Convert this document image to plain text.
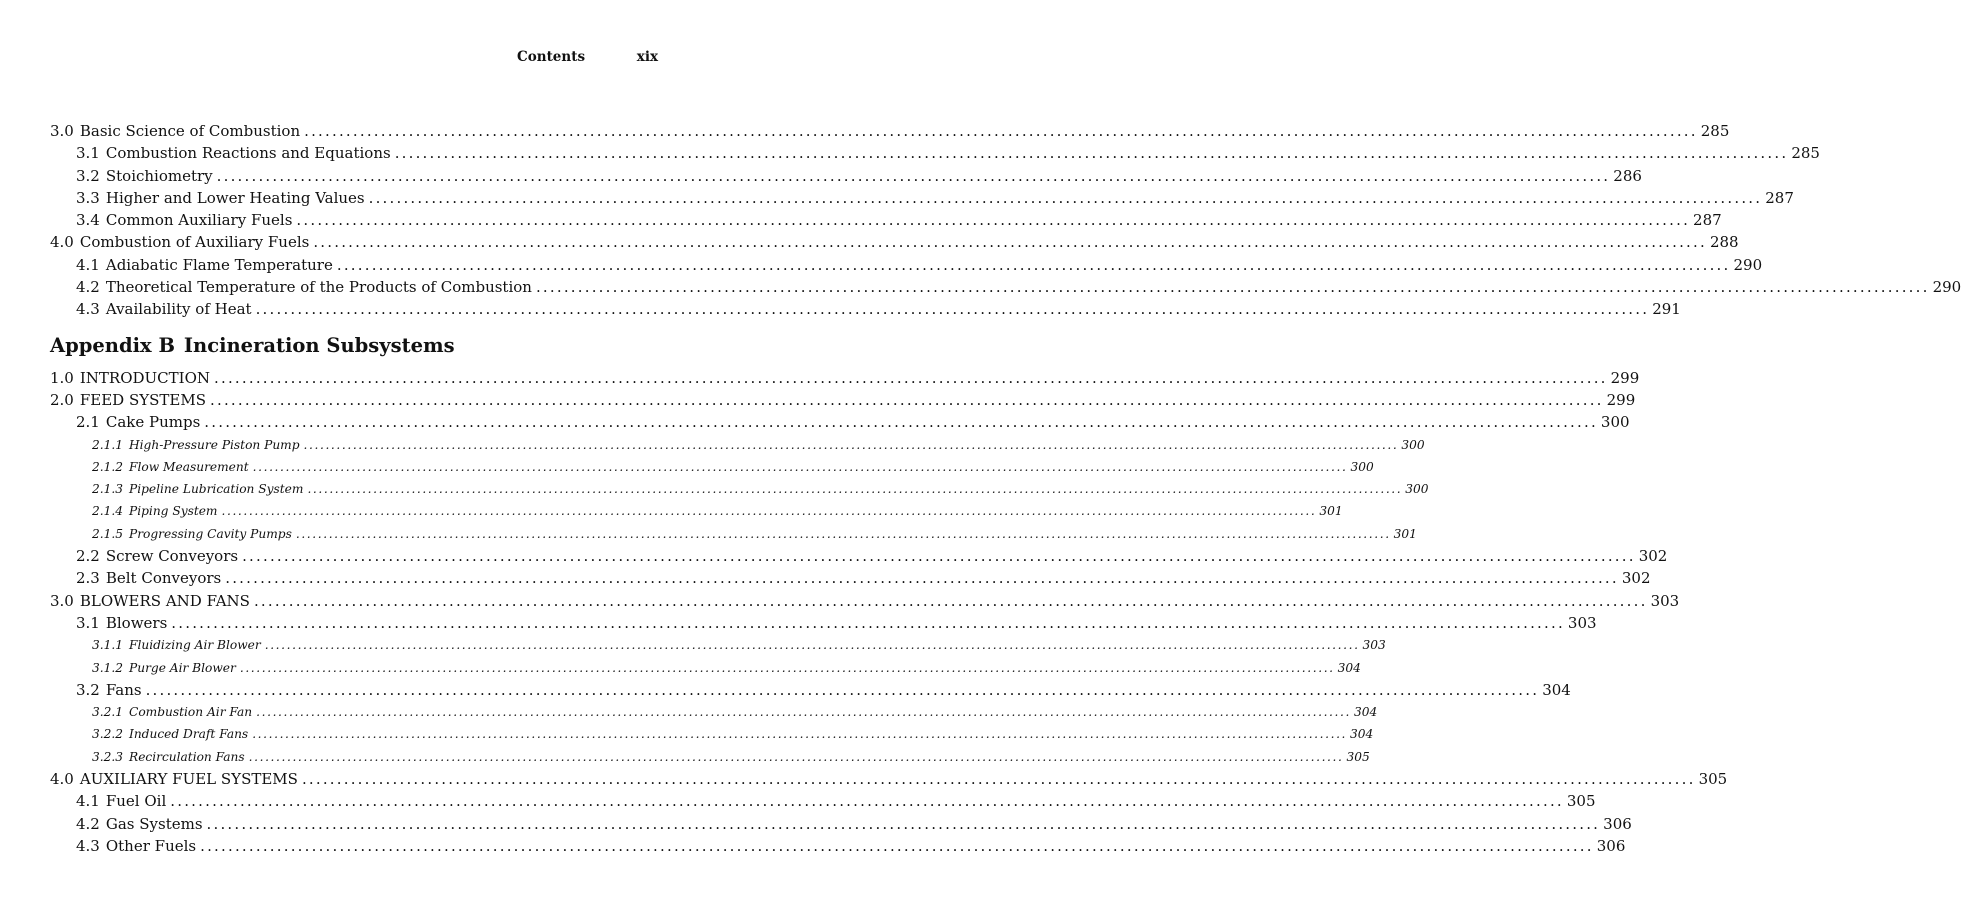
Contents	xix
3.0 Basic Science of Combustion ........................................................................................................................................................................................................ 285
3.1 Combustion Reactions and Equations ........................................................................................................................................................................................................ 285
3.2 Stoichiometry ........................................................................................................................................................................................................ 286
3.3 Higher and Lower Heating Values ........................................................................................................................................................................................................ 287
3.4 Common Auxiliary Fuels ........................................................................................................................................................................................................ 287
4.0 Combustion of Auxiliary Fuels ........................................................................................................................................................................................................ 288
4.1 Adiabatic Flame Temperature ........................................................................................................................................................................................................ 290
4.2 Theoretical Temperature of the Products of Combustion ........................................................................................................................................................................................................ 290
4.3 Availability of Heat ........................................................................................................................................................................................................ 291
Appendix B Incineration Subsystems
1.0 INTRODUCTION ........................................................................................................................................................................................................ 299
2.0 FEED SYSTEMS ........................................................................................................................................................................................................ 299
2.1 Cake Pumps ........................................................................................................................................................................................................ 300
2.1.1 High-Pressure Piston Pump ........................................................................................................................................................................................................ 300
2.1.2 Flow Measurement ........................................................................................................................................................................................................ 300
2.1.3 Pipeline Lubrication System ........................................................................................................................................................................................................ 300
2.1.4 Piping System ........................................................................................................................................................................................................ 301
2.1.5 Progressing Cavity Pumps ........................................................................................................................................................................................................ 301
2.2 Screw Conveyors ........................................................................................................................................................................................................ 302
2.3 Belt Conveyors ........................................................................................................................................................................................................ 302
3.0 BLOWERS AND FANS ........................................................................................................................................................................................................ 303
3.1 Blowers ........................................................................................................................................................................................................ 303
3.1.1 Fluidizing Air Blower ........................................................................................................................................................................................................ 303
3.1.2 Purge Air Blower ........................................................................................................................................................................................................ 304
3.2 Fans ........................................................................................................................................................................................................ 304
3.2.1 Combustion Air Fan ........................................................................................................................................................................................................ 304
3.2.2 Induced Draft Fans ........................................................................................................................................................................................................ 304
3.2.3 Recirculation Fans ........................................................................................................................................................................................................ 305
4.0 AUXILIARY FUEL SYSTEMS ........................................................................................................................................................................................................ 305
4.1 Fuel Oil ........................................................................................................................................................................................................ 305
4.2 Gas Systems ........................................................................................................................................................................................................ 306
4.3 Other Fuels ........................................................................................................................................................................................................ 306
